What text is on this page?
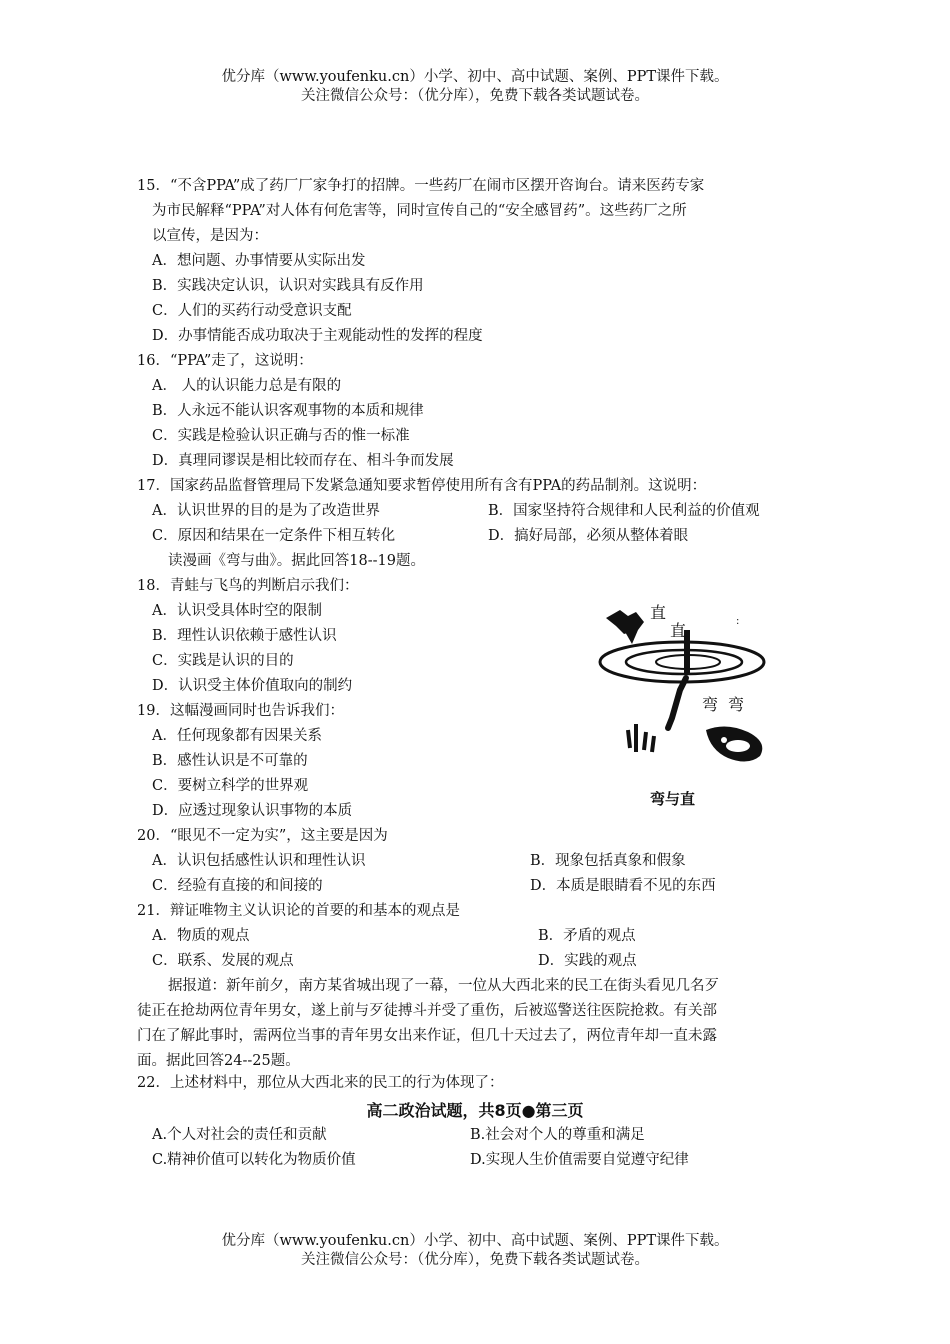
优分库（www.youfenku.cn）小学、初中、高中试题、案例、PPT课件下载。
关注微信公众号：（优分库），免费下载各类试题试卷。
15．“不含PPA”成了药厂厂家争打的招牌。一些药厂在闹市区摆开咨询台。请来医药专家
为市民解释“PPA”对人体有何危害等，同时宣传自己的“安全感冒药”。这些药厂之所
以宣传，是因为：
A．想问题、办事情要从实际出发
B．实践决定认识，认识对实践具有反作用
C．人们的买药行动受意识支配
D．办事情能否成功取决于主观能动性的发挥的程度
16．“PPA”走了，这说明：
A． 人的认识能力总是有限的
B．人永远不能认识客观事物的本质和规律
C．实践是检验认识正确与否的惟一标准
D．真理同谬误是相比较而存在、相斗争而发展
17．国家药品监督管理局下发紧急通知要求暂停使用所有含有PPA的药品制剂。这说明：
A．认识世界的目的是为了改造世界	B．国家坚持符合规律和人民利益的价值观
C．原因和结果在一定条件下相互转化	D．搞好局部，必须从整体着眼
读漫画《弯与曲》。据此回答18--19题。
18．青蛙与飞鸟的判断启示我们：
A．认识受具体时空的限制
B．理性认识依赖于感性认识
C．实践是认识的目的
D．认识受主体价值取向的制约
19．这幅漫画同时也告诉我们：
A．任何现象都有因果关系
B．感性认识是不可靠的
C．要树立科学的世界观
D．应透过现象认识事物的本质
:
直
直
弯 弯
弯与直
20．“眼见不一定为实”，这主要是因为
A．认识包括感性认识和理性认识	B．现象包括真象和假象
C．经验有直接的和间接的	D．本质是眼睛看不见的东西
21．辩证唯物主义认识论的首要的和基本的观点是
A．物质的观点	B．矛盾的观点
C．联系、发展的观点	D．实践的观点
据报道：新年前夕，南方某省城出现了一幕，一位从大西北来的民工在街头看见几名歹
徒正在抢劫两位青年男女，遂上前与歹徒搏斗并受了重伤，后被巡警送往医院抢救。有关部
门在了解此事时，需两位当事的青年男女出来作证，但几十天过去了，两位青年却一直未露
面。据此回答24--25题。
22．上述材料中，那位从大西北来的民工的行为体现了：
高二政治试题，共8页●第三页
A.个人对社会的责任和贡献	B.社会对个人的尊重和满足
C.精神价值可以转化为物质价值	D.实现人生价值需要自觉遵守纪律
优分库（www.youfenku.cn）小学、初中、高中试题、案例、PPT课件下载。
关注微信公众号：（优分库），免费下载各类试题试卷。
